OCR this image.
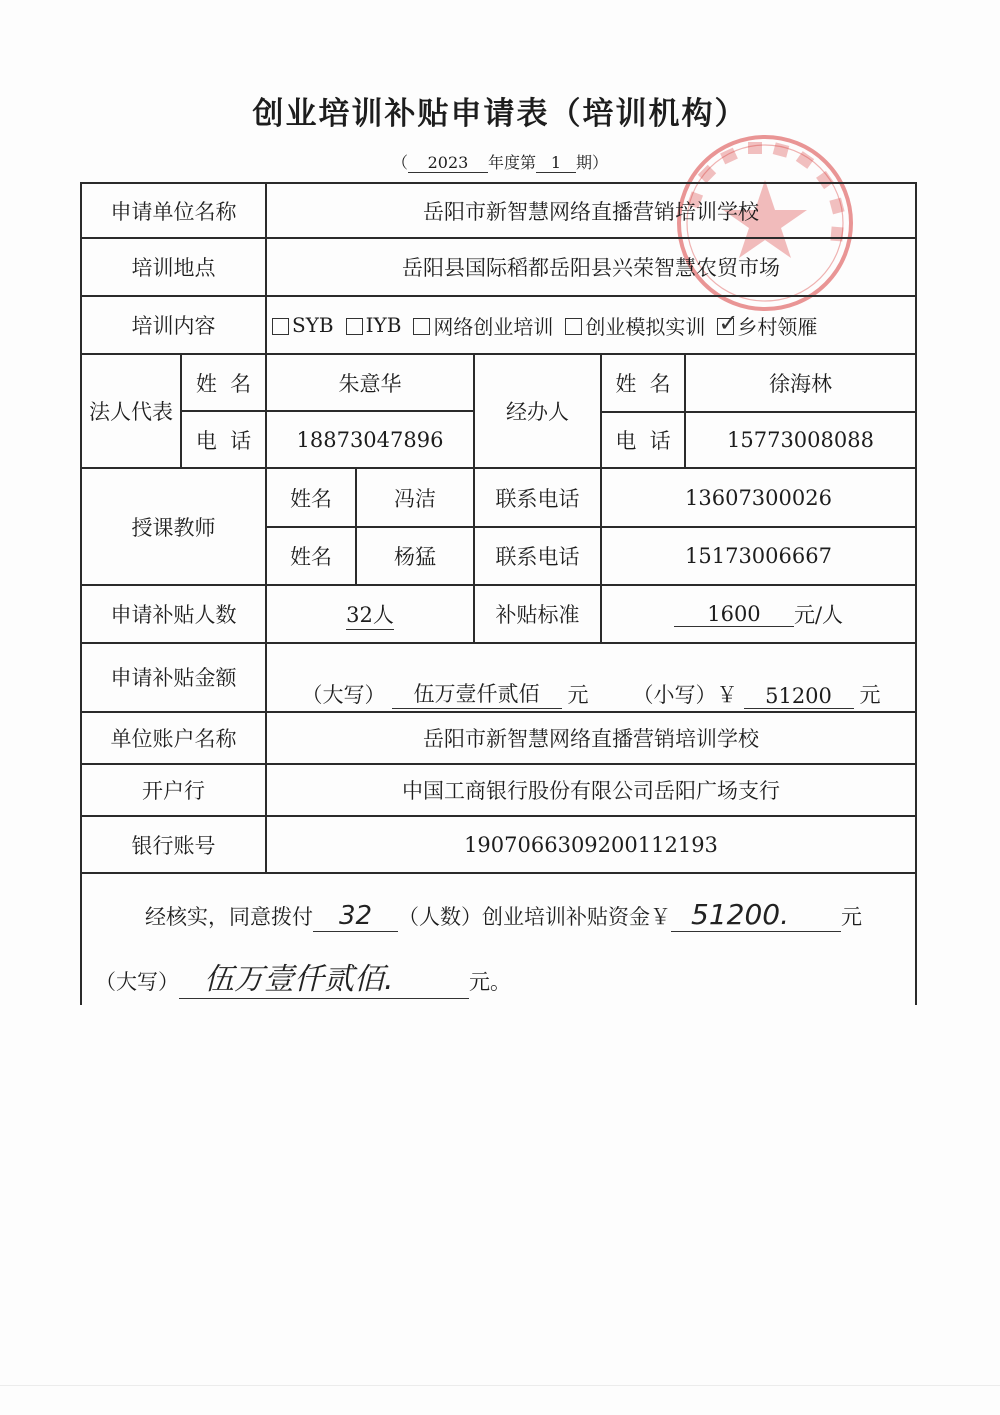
创业培训补贴申请表（培训机构）
（ 2023 年度第 1 期）
申请单位名称	岳阳市新智慧网络直播营销培训学校
培训地点	岳阳县国际稻都岳阳县兴荣智慧农贸市场
培训内容	SYB IYB 网络创业培训 创业模拟实训 ✓ 乡村领雁
法人代表
姓  名	朱意华
电  话	18873047896
经办人
姓  名	徐海林
电  话	15773008088
授课教师
姓名	冯洁	联系电话	13607300026
姓名	杨猛	联系电话	15173006667
申请补贴人数	32人	补贴标准	1600	元/人
申请补贴金额
（大写）	伍万壹仟贰佰	元 （小写）￥	51200	元
单位账户名称	岳阳市新智慧网络直播营销培训学校
开户行	中国工商银行股份有限公司岳阳广场支行
银行账号	1907066309200112193
经核实，同意拨付 32 （人数）创业培训补贴资金￥ 51200. 元
（大写） 伍万壹仟贰佰.	元。
